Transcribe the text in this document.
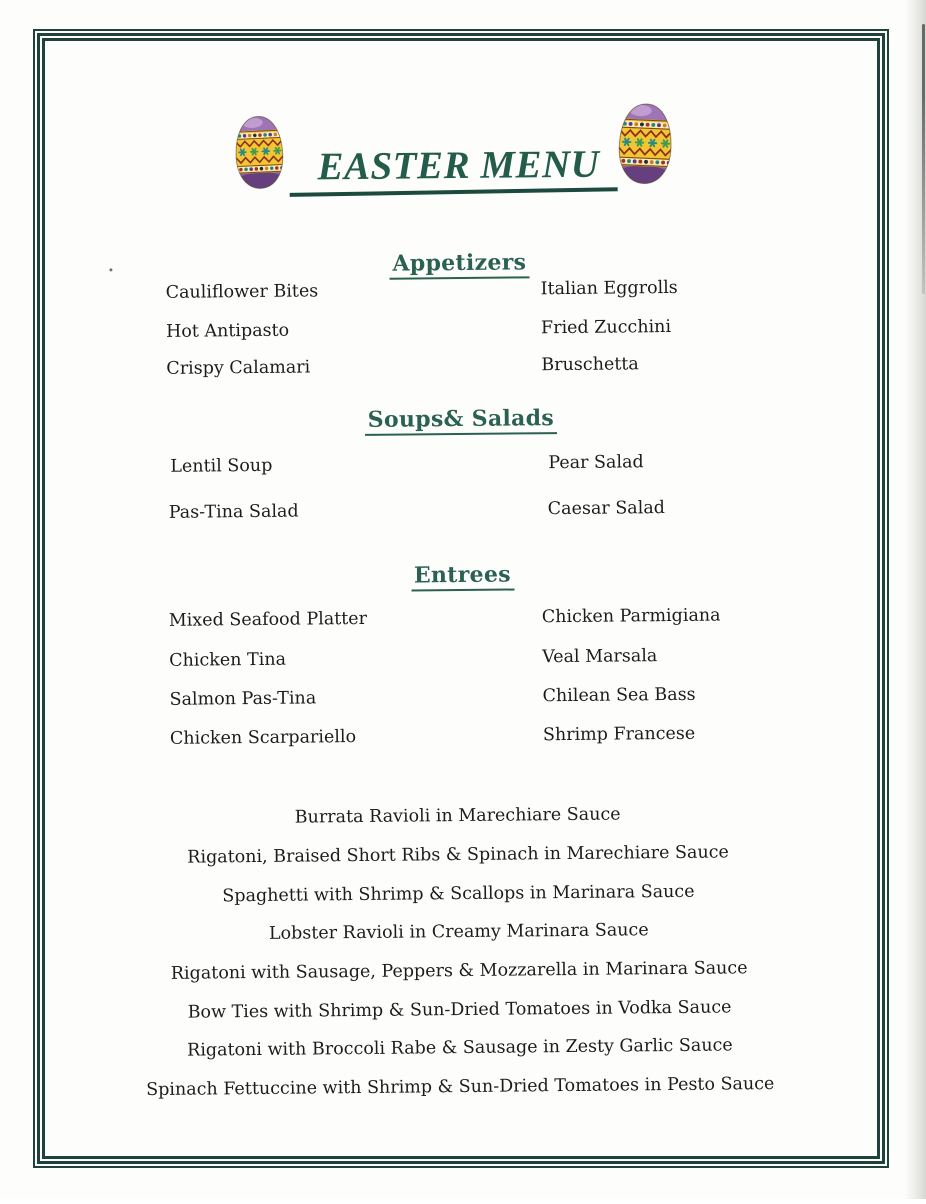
EASTER MENU
Appetizers
Cauliflower Bites
Hot Antipasto
Crispy Calamari
Italian Eggrolls
Fried Zucchini
Bruschetta
Soups& Salads
Lentil Soup
Pas-Tina Salad
Pear Salad
Caesar Salad
Entrees
Mixed Seafood Platter
Chicken Tina
Salmon Pas-Tina
Chicken Scarpariello
Chicken Parmigiana
Veal Marsala
Chilean Sea Bass
Shrimp Francese
Burrata Ravioli in Marechiare Sauce
Rigatoni, Braised Short Ribs & Spinach in Marechiare Sauce
Spaghetti with Shrimp & Scallops in Marinara Sauce
Lobster Ravioli in Creamy Marinara Sauce
Rigatoni with Sausage, Peppers & Mozzarella in Marinara Sauce
Bow Ties with Shrimp & Sun-Dried Tomatoes in Vodka Sauce
Rigatoni with Broccoli Rabe & Sausage in Zesty Garlic Sauce
Spinach Fettuccine with Shrimp & Sun-Dried Tomatoes in Pesto Sauce
